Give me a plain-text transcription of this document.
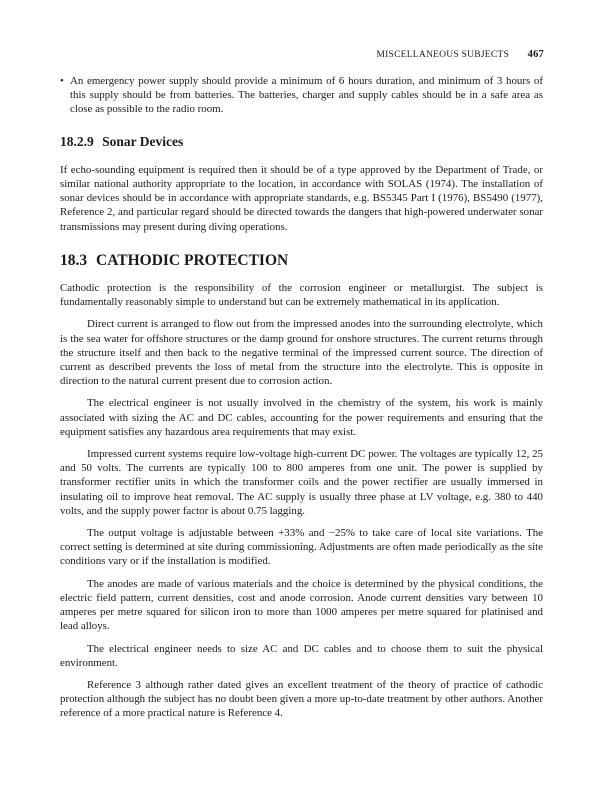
MISCELLANEOUS SUBJECTS 467

• An emergency power supply should provide a minimum of 6 hours duration, and minimum of 3 hours of this supply should be from batteries. The batteries, charger and supply cables should be in a safe area as close as possible to the radio room.

18.2.9 Sonar Devices

If echo-sounding equipment is required then it should be of a type approved by the Department of Trade, or similar national authority appropriate to the location, in accordance with SOLAS (1974). The installation of sonar devices should be in accordance with appropriate standards, e.g. BS5345 Part I (1976), BS5490 (1977), Reference 2, and particular regard should be directed towards the dangers that high-powered underwater sonar transmissions may present during diving operations.

18.3 CATHODIC PROTECTION

Cathodic protection is the responsibility of the corrosion engineer or metallurgist. The subject is fundamentally reasonably simple to understand but can be extremely mathematical in its application.

Direct current is arranged to flow out from the impressed anodes into the surrounding electrolyte, which is the sea water for offshore structures or the damp ground for onshore structures. The current returns through the structure itself and then back to the negative terminal of the impressed current source. The direction of current as described prevents the loss of metal from the structure into the electrolyte. This is opposite in direction to the natural current present due to corrosion action.

The electrical engineer is not usually involved in the chemistry of the system, his work is mainly associated with sizing the AC and DC cables, accounting for the power requirements and ensuring that the equipment satisfies any hazardous area requirements that may exist.

Impressed current systems require low-voltage high-current DC power. The voltages are typically 12, 25 and 50 volts. The currents are typically 100 to 800 amperes from one unit. The power is supplied by transformer rectifier units in which the transformer coils and the power rectifier are usually immersed in insulating oil to improve heat removal. The AC supply is usually three phase at LV voltage, e.g. 380 to 440 volts, and the supply power factor is about 0.75 lagging.

The output voltage is adjustable between +33% and −25% to take care of local site variations. The correct setting is determined at site during commissioning. Adjustments are often made periodically as the site conditions vary or if the installation is modified.

The anodes are made of various materials and the choice is determined by the physical conditions, the electric field pattern, current densities, cost and anode corrosion. Anode current densities vary between 10 amperes per metre squared for silicon iron to more than 1000 amperes per metre squared for platinised and lead alloys.

The electrical engineer needs to size AC and DC cables and to choose them to suit the physical environment.

Reference 3 although rather dated gives an excellent treatment of the theory of practice of cathodic protection although the subject has no doubt been given a more up-to-date treatment by other authors. Another reference of a more practical nature is Reference 4.
